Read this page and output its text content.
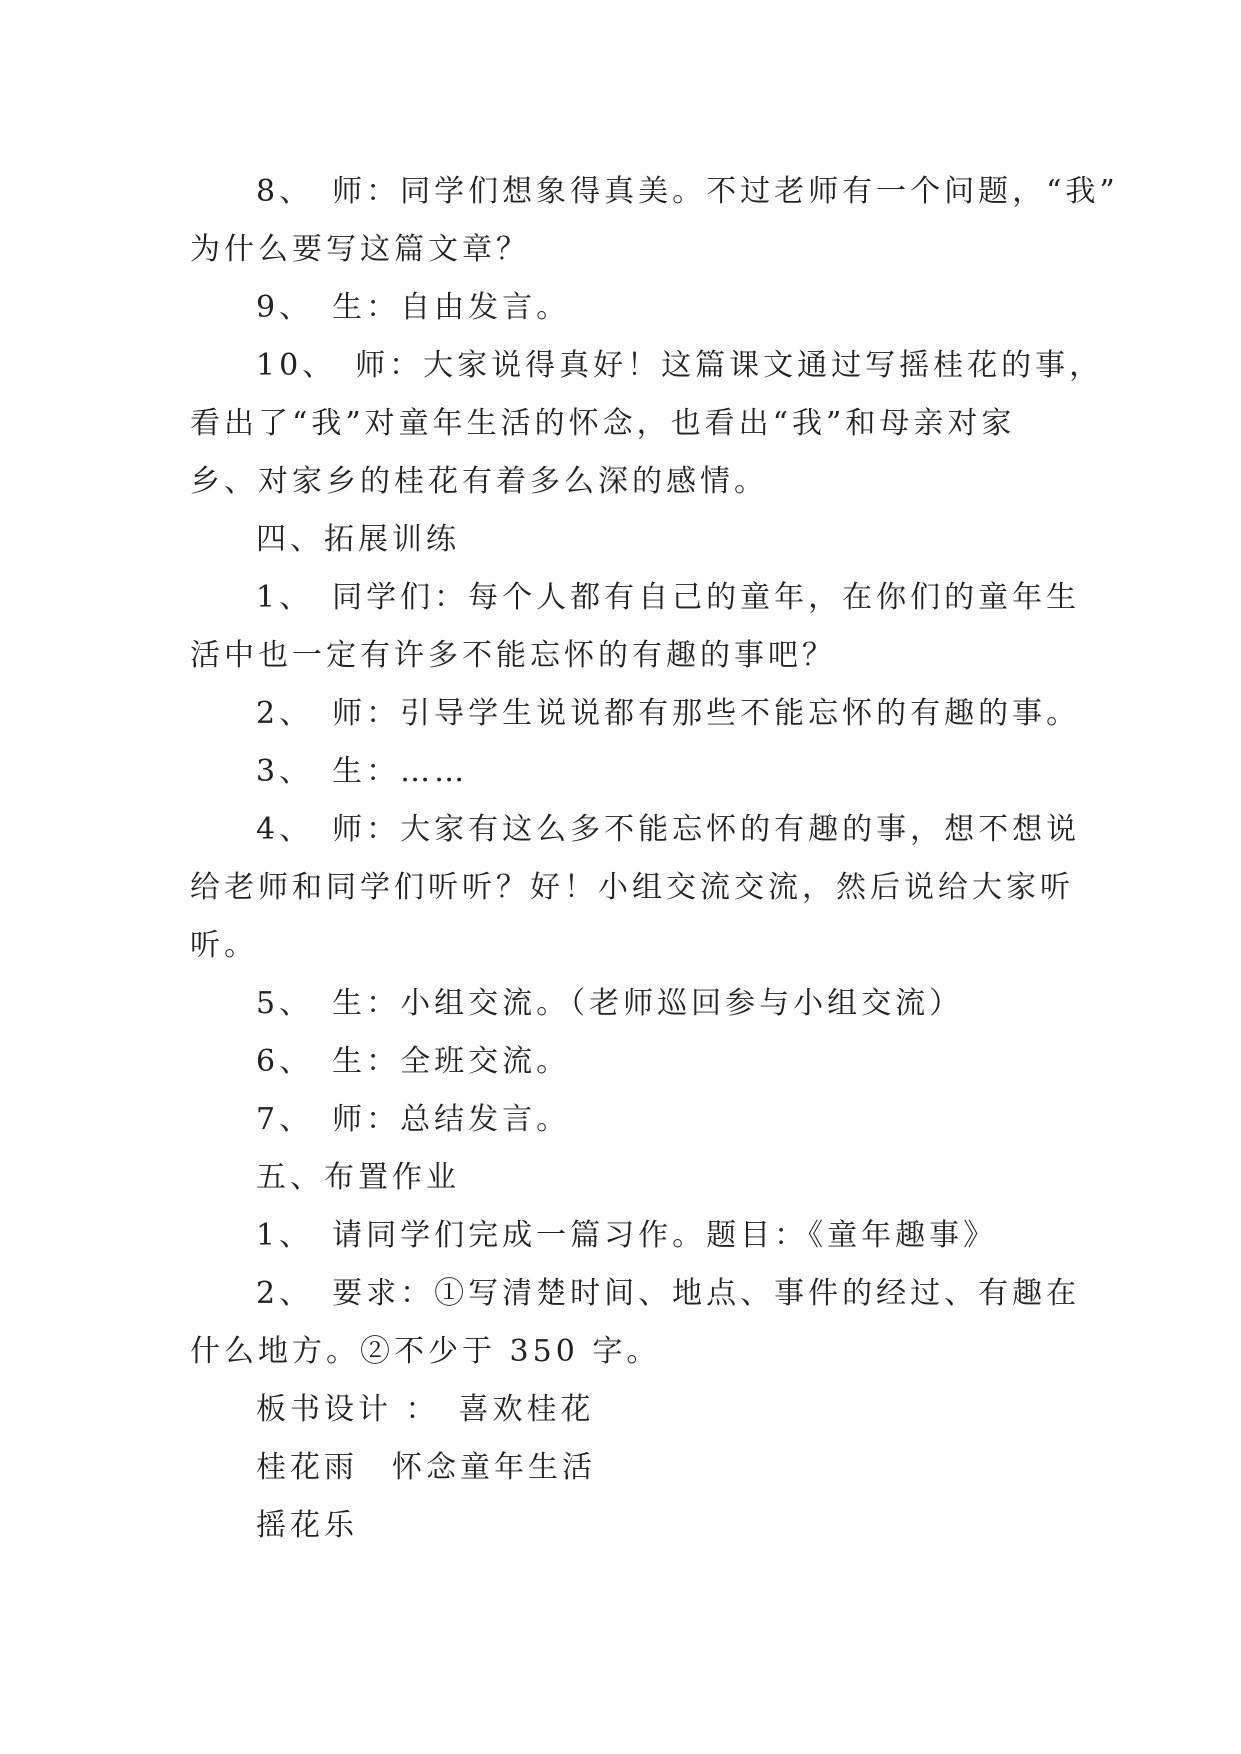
8、　师：同学们想象得真美。不过老师有一个问题，“我”
为什么要写这篇文章？
9、　生：自由发言。
10、　师：大家说得真好！这篇课文通过写摇桂花的事，
看出了“我”对童年生活的怀念，也看出“我”和母亲对家
乡、对家乡的桂花有着多么深的感情。
四、拓展训练
1、　同学们：每个人都有自己的童年，在你们的童年生
活中也一定有许多不能忘怀的有趣的事吧？
2、　师：引导学生说说都有那些不能忘怀的有趣的事。
3、　生：……
4、　师：大家有这么多不能忘怀的有趣的事，想不想说
给老师和同学们听听？好！小组交流交流，然后说给大家听
听。
5、　生：小组交流。（老师巡回参与小组交流）
6、　生：全班交流。
7、　师：总结发言。
五、布置作业
1、　请同学们完成一篇习作。题目：《童年趣事》
2、　要求：①写清楚时间、地点、事件的经过、有趣在
什么地方。②不少于 350 字。
板书设计 ：　喜欢桂花
桂花雨　怀念童年生活
摇花乐
